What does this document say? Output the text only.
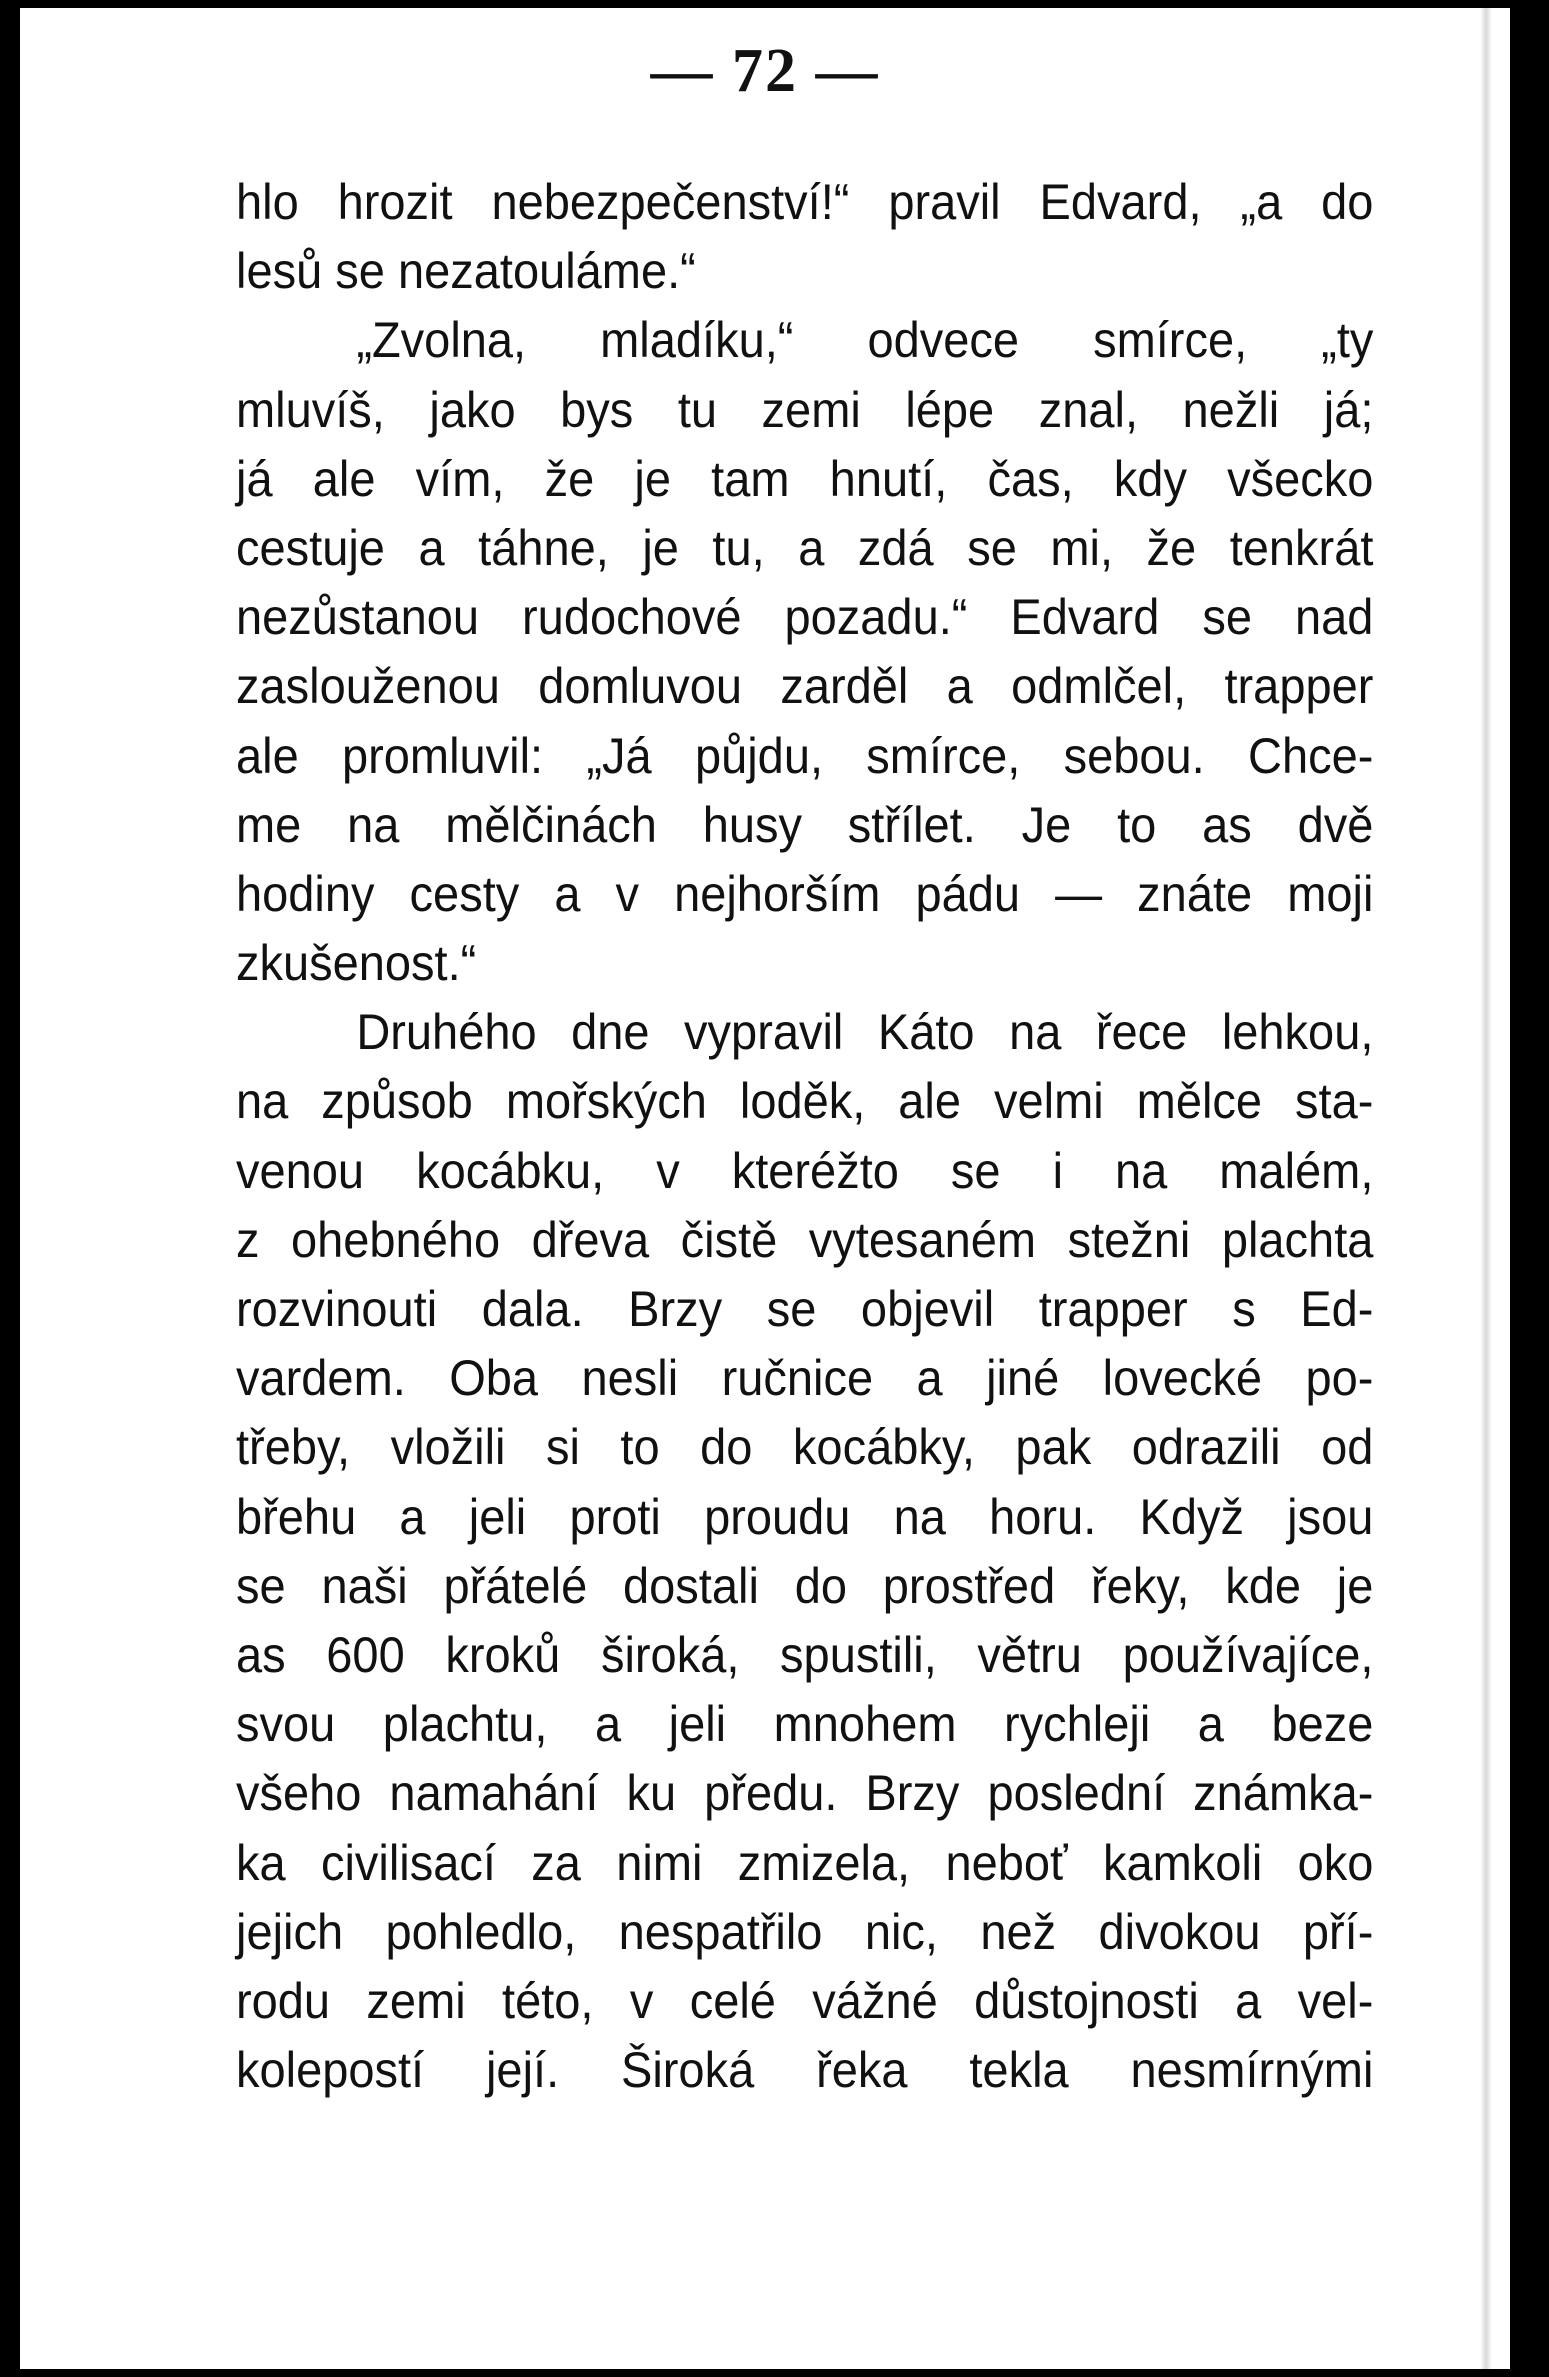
— 72 —
hlo hrozit nebezpečenství!“ pravil Edvard, „a do
lesů se nezatouláme.“
„Zvolna, mladíku,“ odvece smírce, „ty
mluvíš, jako bys tu zemi lépe znal, nežli já;
já ale vím, že je tam hnutí, čas, kdy všecko
cestuje a táhne, je tu, a zdá se mi, že tenkrát
nezůstanou rudochové pozadu.“ Edvard se nad
zaslouženou domluvou zarděl a odmlčel, trapper
ale promluvil: „Já půjdu, smírce, sebou. Chce-
me na mělčinách husy střílet. Je to as dvě
hodiny cesty a v nejhorším pádu — znáte moji
zkušenost.“
Druhého dne vypravil Káto na řece lehkou,
na způsob mořských loděk, ale velmi mělce sta-
venou kocábku, v kteréžto se i na malém,
z ohebného dřeva čistě vytesaném stežni plachta
rozvinouti dala. Brzy se objevil trapper s Ed-
vardem. Oba nesli ručnice a jiné lovecké po-
třeby, vložili si to do kocábky, pak odrazili od
břehu a jeli proti proudu na horu. Když jsou
se naši přátelé dostali do prostřed řeky, kde je
as 600 kroků široká, spustili, větru používajíce,
svou plachtu, a jeli mnohem rychleji a beze
všeho namahání ku předu. Brzy poslední známka-
ka civilisací za nimi zmizela, neboť kamkoli oko
jejich pohledlo, nespatřilo nic, než divokou pří-
rodu zemi této, v celé vážné důstojnosti a vel-
kolepostí její. Široká řeka tekla nesmírnými
